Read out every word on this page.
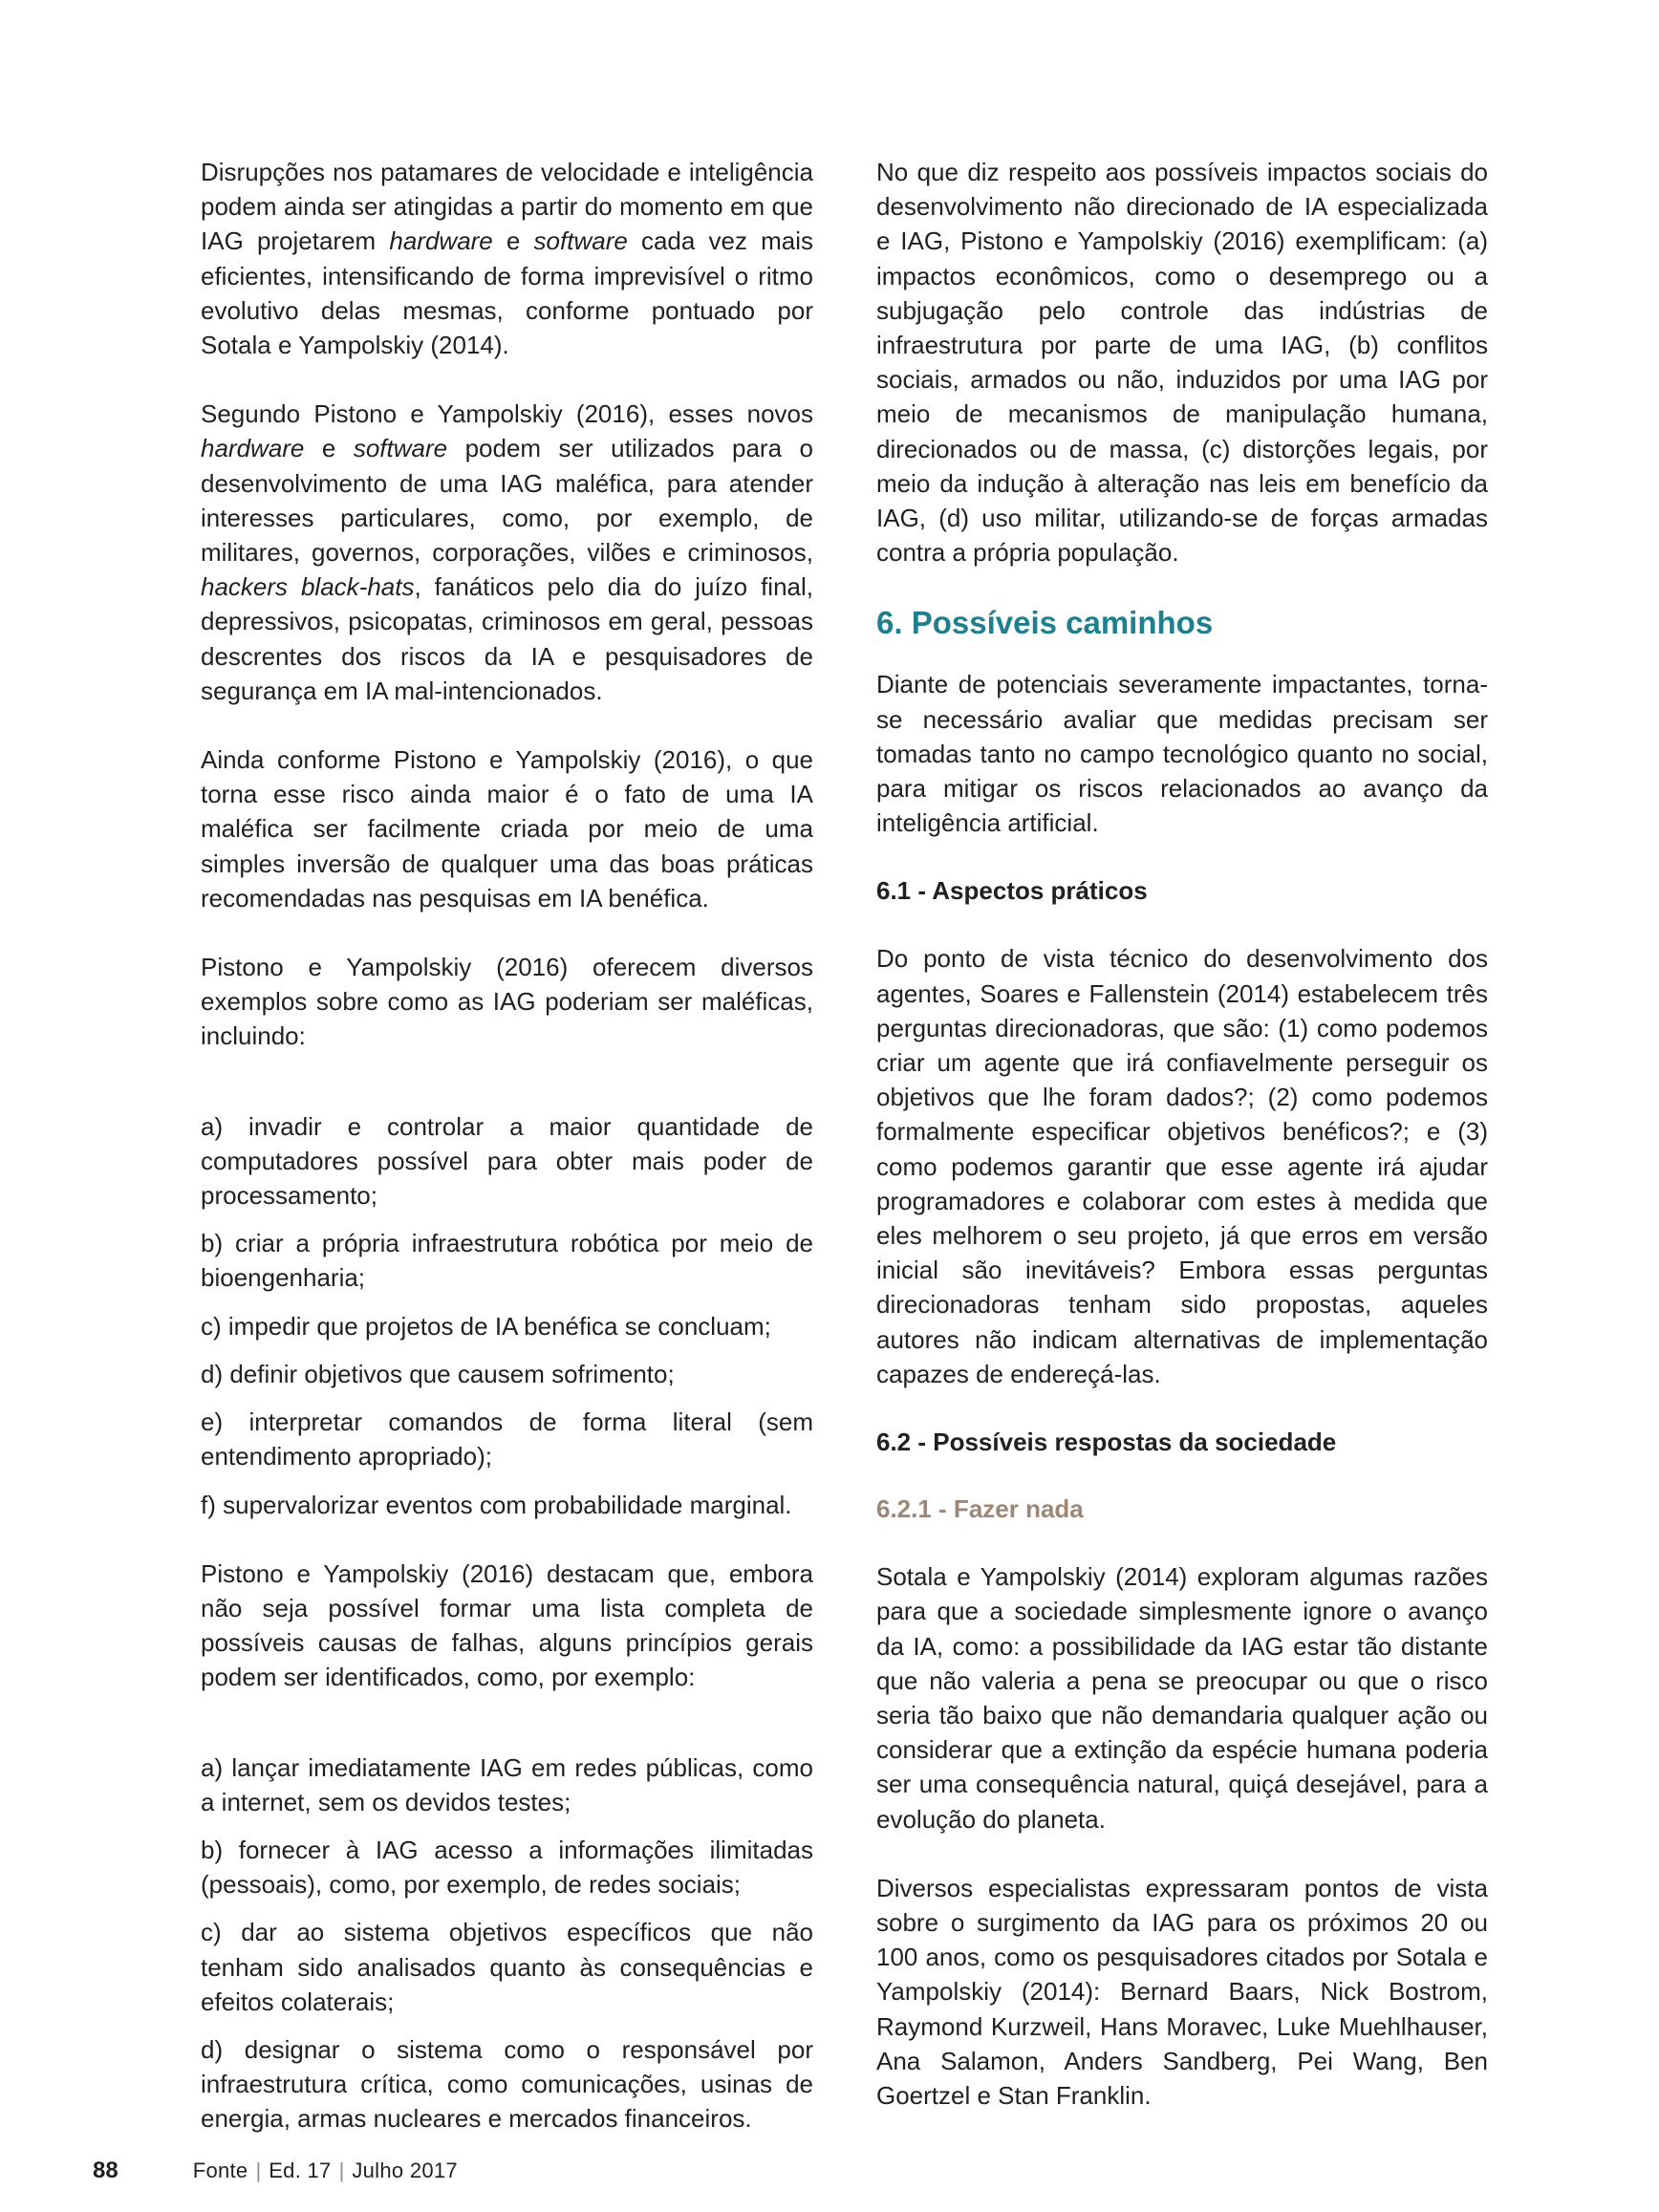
Disrupções nos patamares de velocidade e inteligência podem ainda ser atingidas a partir do momento em que IAG projetarem hardware e software cada vez mais eficientes, intensificando de forma imprevisível o ritmo evolutivo delas mesmas, conforme pontuado por Sotala e Yampolskiy (2014).

Segundo Pistono e Yampolskiy (2016), esses novos hardware e software podem ser utilizados para o desenvolvimento de uma IAG maléfica, para atender interesses particulares, como, por exemplo, de militares, governos, corporações, vilões e criminosos, hackers black-hats, fanáticos pelo dia do juízo final, depressivos, psicopatas, criminosos em geral, pessoas descrentes dos riscos da IA e pesquisadores de segurança em IA mal-intencionados.

Ainda conforme Pistono e Yampolskiy (2016), o que torna esse risco ainda maior é o fato de uma IA maléfica ser facilmente criada por meio de uma simples inversão de qualquer uma das boas práticas recomendadas nas pesquisas em IA benéfica.

Pistono e Yampolskiy (2016) oferecem diversos exemplos sobre como as IAG poderiam ser maléficas, incluindo:

a) invadir e controlar a maior quantidade de computadores possível para obter mais poder de processamento;

b) criar a própria infraestrutura robótica por meio de bioengenharia;

c) impedir que projetos de IA benéfica se concluam;

d) definir objetivos que causem sofrimento;

e) interpretar comandos de forma literal (sem entendimento apropriado);

f) supervalorizar eventos com probabilidade marginal.

Pistono e Yampolskiy (2016) destacam que, embora não seja possível formar uma lista completa de possíveis causas de falhas, alguns princípios gerais podem ser identificados, como, por exemplo:

a) lançar imediatamente IAG em redes públicas, como a internet, sem os devidos testes;

b) fornecer à IAG acesso a informações ilimitadas (pessoais), como, por exemplo, de redes sociais;

c) dar ao sistema objetivos específicos que não tenham sido analisados quanto às consequências e efeitos colaterais;

d) designar o sistema como o responsável por infraestrutura crítica, como comunicações, usinas de energia, armas nucleares e mercados financeiros.

No que diz respeito aos possíveis impactos sociais do desenvolvimento não direcionado de IA especializada e IAG, Pistono e Yampolskiy (2016) exemplificam: (a) impactos econômicos, como o desemprego ou a subjugação pelo controle das indústrias de infraestrutura por parte de uma IAG, (b) conflitos sociais, armados ou não, induzidos por uma IAG por meio de mecanismos de manipulação humana, direcionados ou de massa, (c) distorções legais, por meio da indução à alteração nas leis em benefício da IAG, (d) uso militar, utilizando-se de forças armadas contra a própria população.

6. Possíveis caminhos

Diante de potenciais severamente impactantes, torna-se necessário avaliar que medidas precisam ser tomadas tanto no campo tecnológico quanto no social, para mitigar os riscos relacionados ao avanço da inteligência artificial.

6.1 - Aspectos práticos

Do ponto de vista técnico do desenvolvimento dos agentes, Soares e Fallenstein (2014) estabelecem três perguntas direcionadoras, que são: (1) como podemos criar um agente que irá confiavelmente perseguir os objetivos que lhe foram dados?; (2) como podemos formalmente especificar objetivos benéficos?; e (3) como podemos garantir que esse agente irá ajudar programadores e colaborar com estes à medida que eles melhorem o seu projeto, já que erros em versão inicial são inevitáveis? Embora essas perguntas direcionadoras tenham sido propostas, aqueles autores não indicam alternativas de implementação capazes de endereçá-las.

6.2 - Possíveis respostas da sociedade
6.2.1 - Fazer nada

Sotala e Yampolskiy (2014) exploram algumas razões para que a sociedade simplesmente ignore o avanço da IA, como: a possibilidade da IAG estar tão distante que não valeria a pena se preocupar ou que o risco seria tão baixo que não demandaria qualquer ação ou considerar que a extinção da espécie humana poderia ser uma consequência natural, quiçá desejável, para a evolução do planeta.

Diversos especialistas expressaram pontos de vista sobre o surgimento da IAG para os próximos 20 ou 100 anos, como os pesquisadores citados por Sotala e Yampolskiy (2014): Bernard Baars, Nick Bostrom, Raymond Kurzweil, Hans Moravec, Luke Muehlhauser, Ana Salamon, Anders Sandberg, Pei Wang, Ben Goertzel e Stan Franklin.

88	Fonte | Ed. 17 | Julho 2017
